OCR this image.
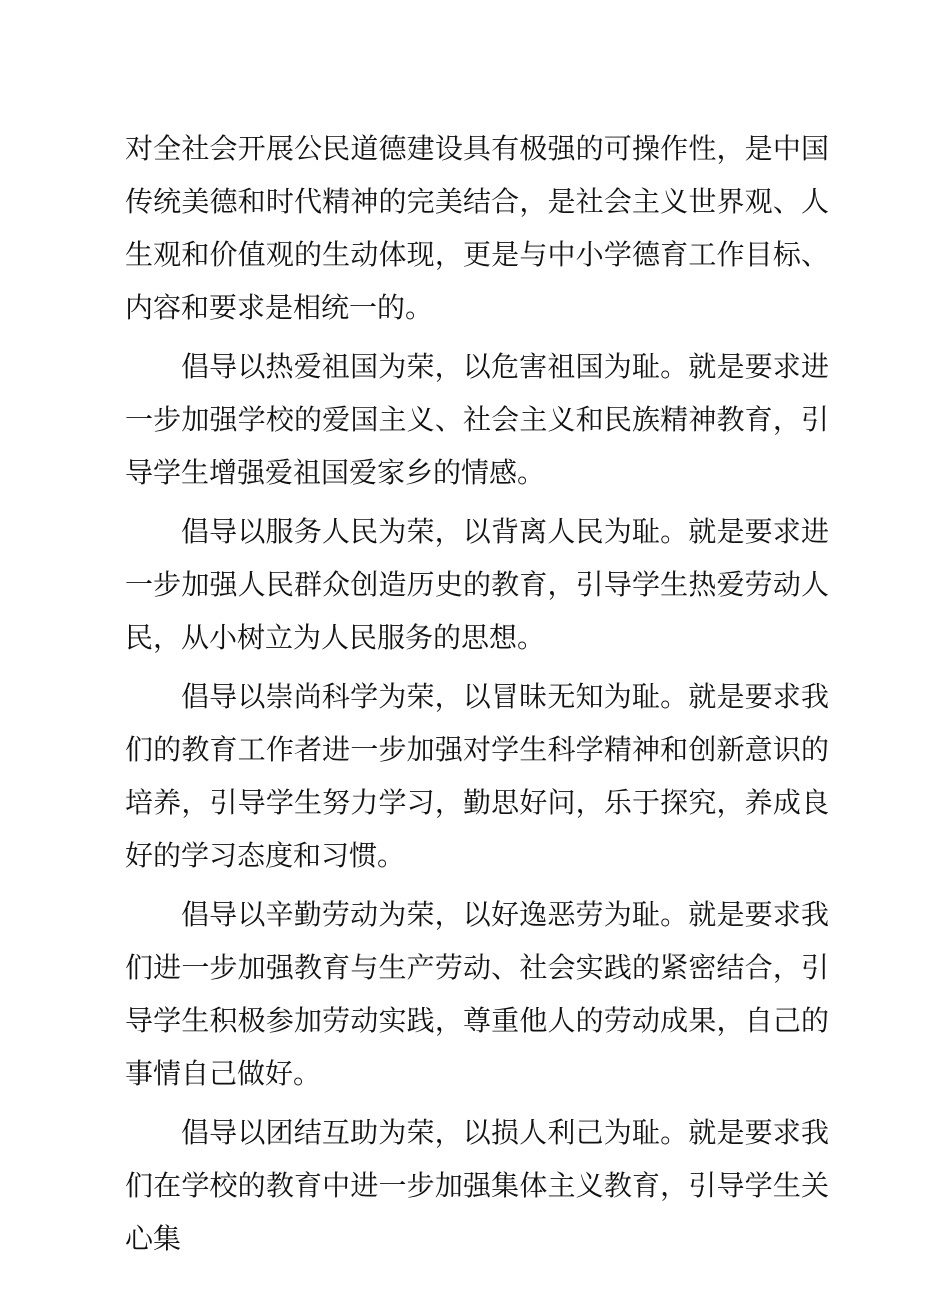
对全社会开展公民道德建设具有极强的可操作性，是中国传统美德和时代精神的完美结合，是社会主义世界观、人生观和价值观的生动体现，更是与中小学德育工作目标、内容和要求是相统一的。

倡导以热爱祖国为荣，以危害祖国为耻。就是要求进一步加强学校的爱国主义、社会主义和民族精神教育，引导学生增强爱祖国爱家乡的情感。

倡导以服务人民为荣，以背离人民为耻。就是要求进一步加强人民群众创造历史的教育，引导学生热爱劳动人民，从小树立为人民服务的思想。

倡导以崇尚科学为荣，以冒昧无知为耻。就是要求我们的教育工作者进一步加强对学生科学精神和创新意识的培养，引导学生努力学习，勤思好问，乐于探究，养成良好的学习态度和习惯。

倡导以辛勤劳动为荣，以好逸恶劳为耻。就是要求我们进一步加强教育与生产劳动、社会实践的紧密结合，引导学生积极参加劳动实践，尊重他人的劳动成果，自己的事情自己做好。

倡导以团结互助为荣，以损人利己为耻。就是要求我们在学校的教育中进一步加强集体主义教育，引导学生关心集
